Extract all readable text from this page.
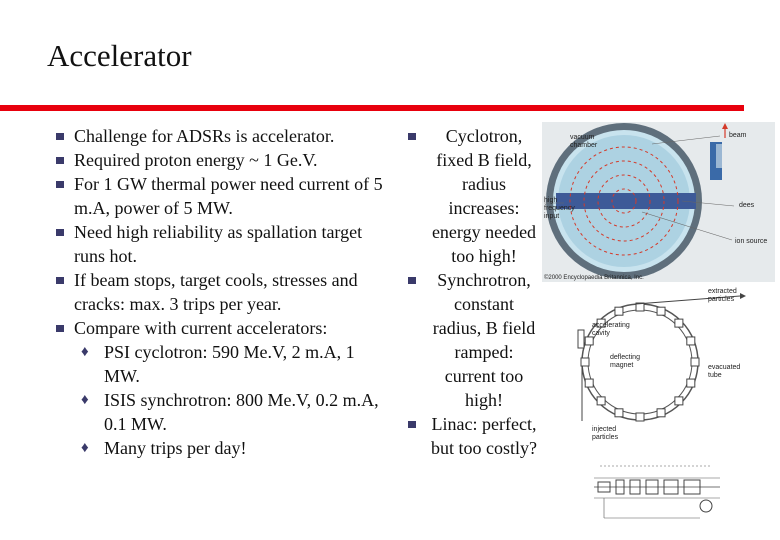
Accelerator
Challenge for ADSRs is accelerator.
Required proton energy ~ 1 Ge.V.
For 1 GW thermal power need current of 5 m.A, power of 5 MW.
Need high reliability as spallation target runs hot.
If beam stops, target cools, stresses and cracks: max. 3 trips per year.
Compare with current accelerators:
♦ PSI cyclotron: 590 Me.V, 2 m.A, 1 MW.
♦ ISIS synchrotron: 800 Me.V, 0.2 m.A, 0.1 MW.
♦ Many trips per day!
Cyclotron, fixed B field, radius increases: energy needed too high!
Synchrotron, constant radius, B field ramped: current too high!
Linac: perfect, but too costly?
vacuum chamber
beam
high frequency input
dees
ion source
©2000 Encyclopaedia Britannica, Inc.
extracted particles
accelerating cavity
deflecting magnet	evacuated tube
injected particles
